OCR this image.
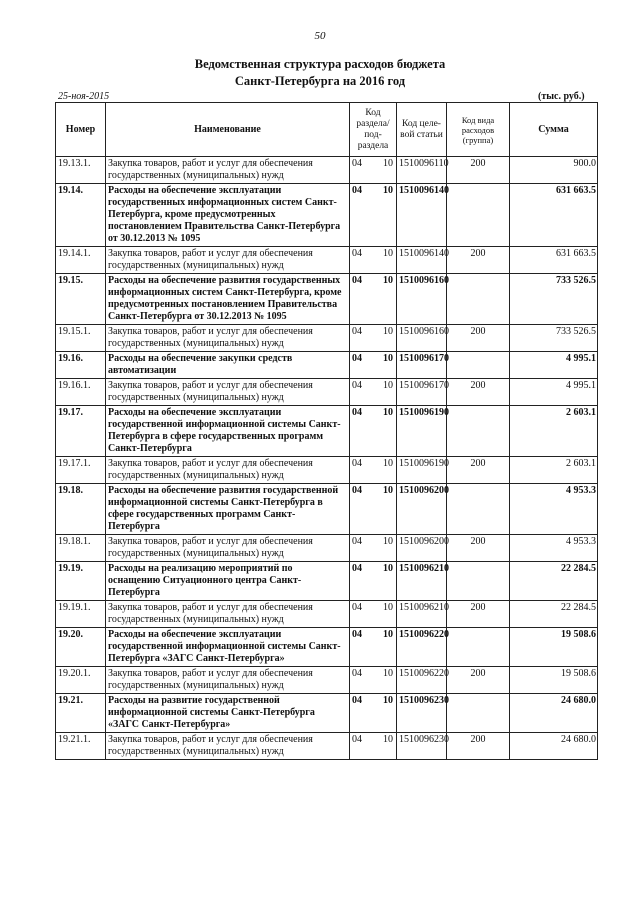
50
Ведомственная структура расходов бюджета
Санкт-Петербурга на 2016 год
25-ноя-2015	(тыс. руб.)
Номер	Наименование	Код раздела/ под-раздела	Код целе-вой статьи	Код вида расходов (группа)	Сумма
19.13.1.	Закупка товаров, работ и услуг для обеспечения государственных (муниципальных) нужд	04 10	1510096110	200	900.0
19.14.	Расходы на обеспечение эксплуатации государственных информационных систем Санкт-Петербурга, кроме предусмотренных постановлением Правительства Санкт-Петербурга от 30.12.2013 № 1095	04 10	1510096140		631 663.5
19.14.1.	Закупка товаров, работ и услуг для обеспечения государственных (муниципальных) нужд	04 10	1510096140	200	631 663.5
19.15.	Расходы на обеспечение развития государственных информационных систем Санкт-Петербурга, кроме предусмотренных постановлением Правительства Санкт-Петербурга от 30.12.2013 № 1095	04 10	1510096160		733 526.5
19.15.1.	Закупка товаров, работ и услуг для обеспечения государственных (муниципальных) нужд	04 10	1510096160	200	733 526.5
19.16.	Расходы на обеспечение закупки средств автоматизации	04 10	1510096170		4 995.1
19.16.1.	Закупка товаров, работ и услуг для обеспечения государственных (муниципальных) нужд	04 10	1510096170	200	4 995.1
19.17.	Расходы на обеспечение эксплуатации государственной информационной системы Санкт-Петербурга в сфере государственных программ Санкт-Петербурга	04 10	1510096190		2 603.1
19.17.1.	Закупка товаров, работ и услуг для обеспечения государственных (муниципальных) нужд	04 10	1510096190	200	2 603.1
19.18.	Расходы на обеспечение развития государственной информационной системы Санкт-Петербурга в сфере государственных программ Санкт-Петербурга	04 10	1510096200		4 953.3
19.18.1.	Закупка товаров, работ и услуг для обеспечения государственных (муниципальных) нужд	04 10	1510096200	200	4 953.3
19.19.	Расходы на реализацию мероприятий по оснащению Ситуационного центра Санкт-Петербурга	04 10	1510096210		22 284.5
19.19.1.	Закупка товаров, работ и услуг для обеспечения государственных (муниципальных) нужд	04 10	1510096210	200	22 284.5
19.20.	Расходы на обеспечение эксплуатации государственной информационной системы Санкт-Петербурга «ЗАГС Санкт-Петербурга»	04 10	1510096220		19 508.6
19.20.1.	Закупка товаров, работ и услуг для обеспечения государственных (муниципальных) нужд	04 10	1510096220	200	19 508.6
19.21.	Расходы на развитие государственной информационной системы Санкт-Петербурга «ЗАГС Санкт-Петербурга»	04 10	1510096230		24 680.0
19.21.1.	Закупка товаров, работ и услуг для обеспечения государственных (муниципальных) нужд	04 10	1510096230	200	24 680.0
